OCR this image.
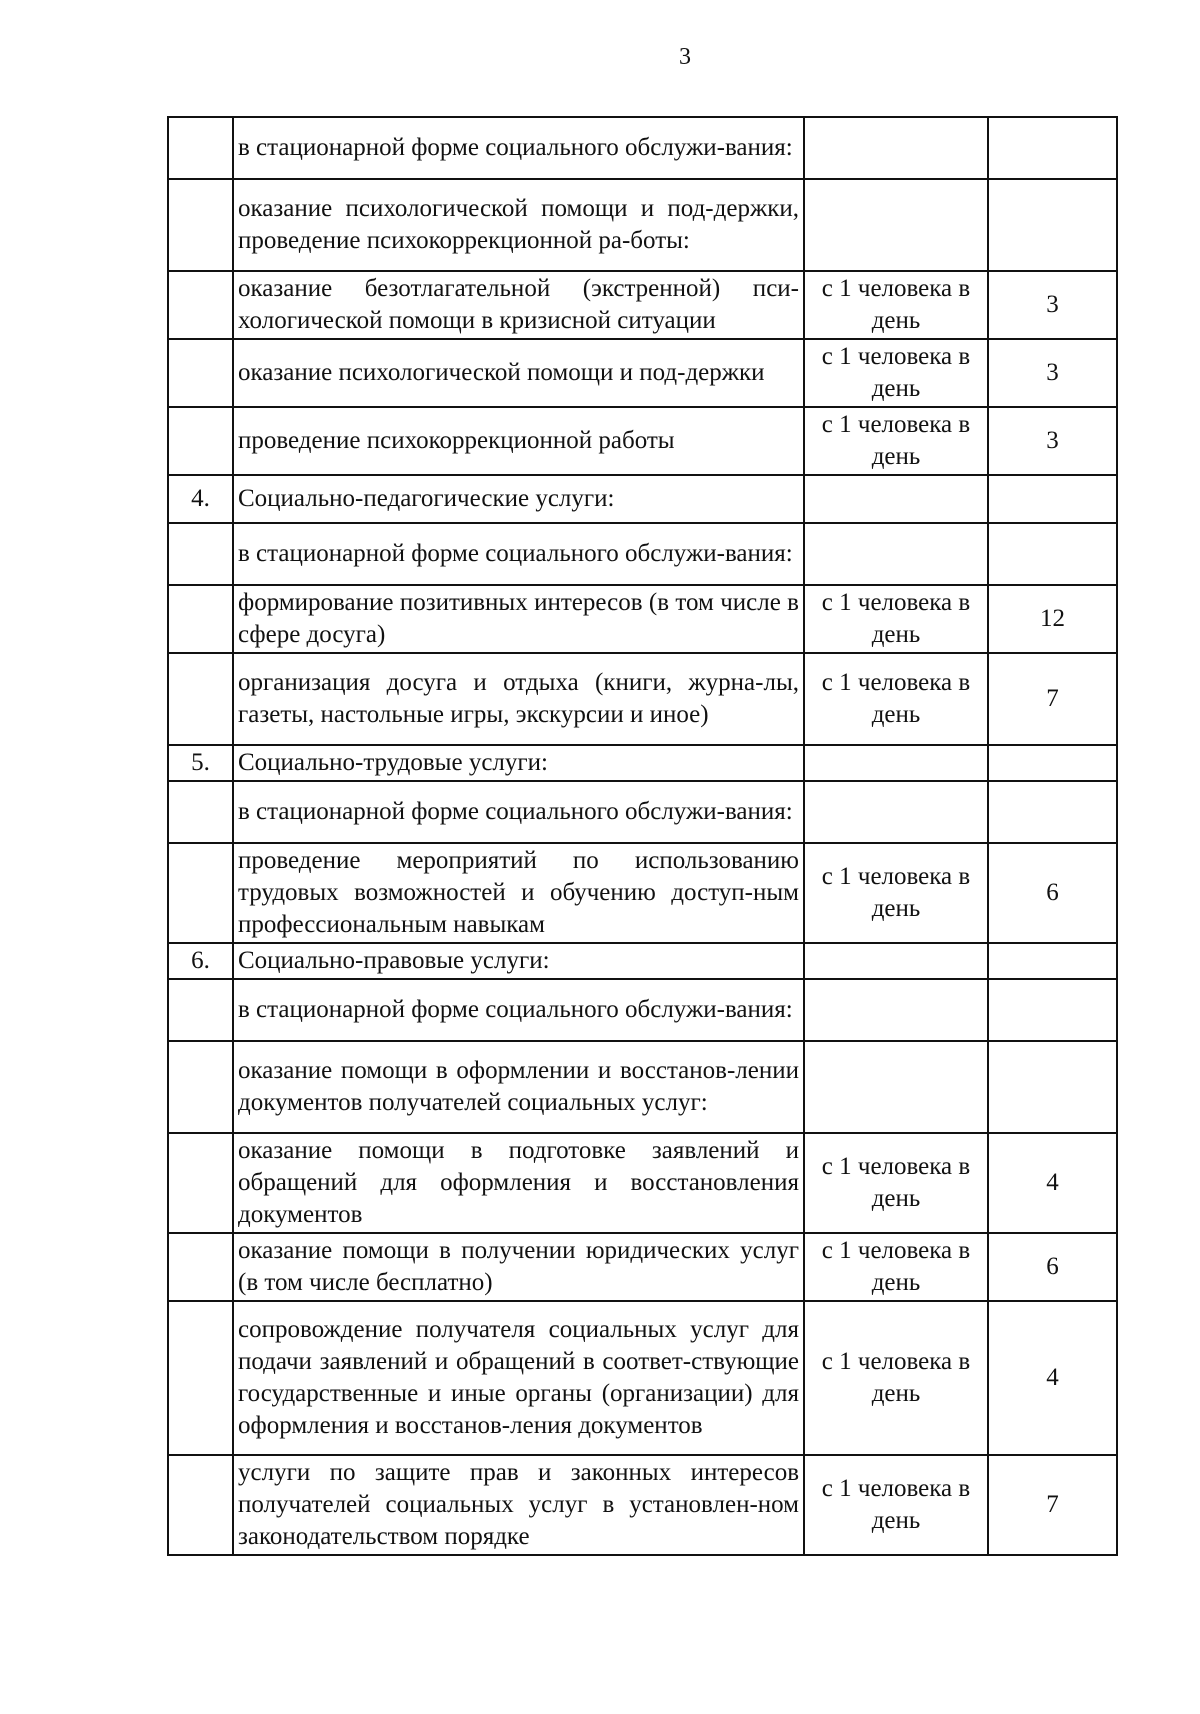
3
	в стационарной форме социального обслужи-вания:		
	оказание психологической помощи и под-держки, проведение психокоррекционной ра-боты:		
	оказание безотлагательной (экстренной) пси-хологической помощи в кризисной ситуации	с 1 человека в день	3
	оказание психологической помощи и под-держки	с 1 человека в день	3
	проведение психокоррекционной работы	с 1 человека в день	3
4.	Социально-педагогические услуги:		
	в стационарной форме социального обслужи-вания:		
	формирование позитивных интересов (в том числе в сфере досуга)	с 1 человека в день	12
	организация досуга и отдыха (книги, журна-лы, газеты, настольные игры, экскурсии и иное)	с 1 человека в день	7
5.	Социально-трудовые услуги:		
	в стационарной форме социального обслужи-вания:		
	проведение мероприятий по использованию трудовых возможностей и обучению доступ-ным профессиональным навыкам	с 1 человека в день	6
6.	Социально-правовые услуги:		
	в стационарной форме социального обслужи-вания:		
	оказание помощи в оформлении и восстанов-лении документов получателей социальных услуг:		
	оказание помощи в подготовке заявлений и обращений для оформления и восстановления документов	с 1 человека в день	4
	оказание помощи в получении юридических услуг (в том числе бесплатно)	с 1 человека в день	6
	сопровождение получателя социальных услуг для подачи заявлений и обращений в соответ-ствующие государственные и иные органы (организации) для оформления и восстанов-ления документов	с 1 человека в день	4
	услуги по защите прав и законных интересов получателей социальных услуг в установлен-ном законодательством порядке	с 1 человека в день	7
